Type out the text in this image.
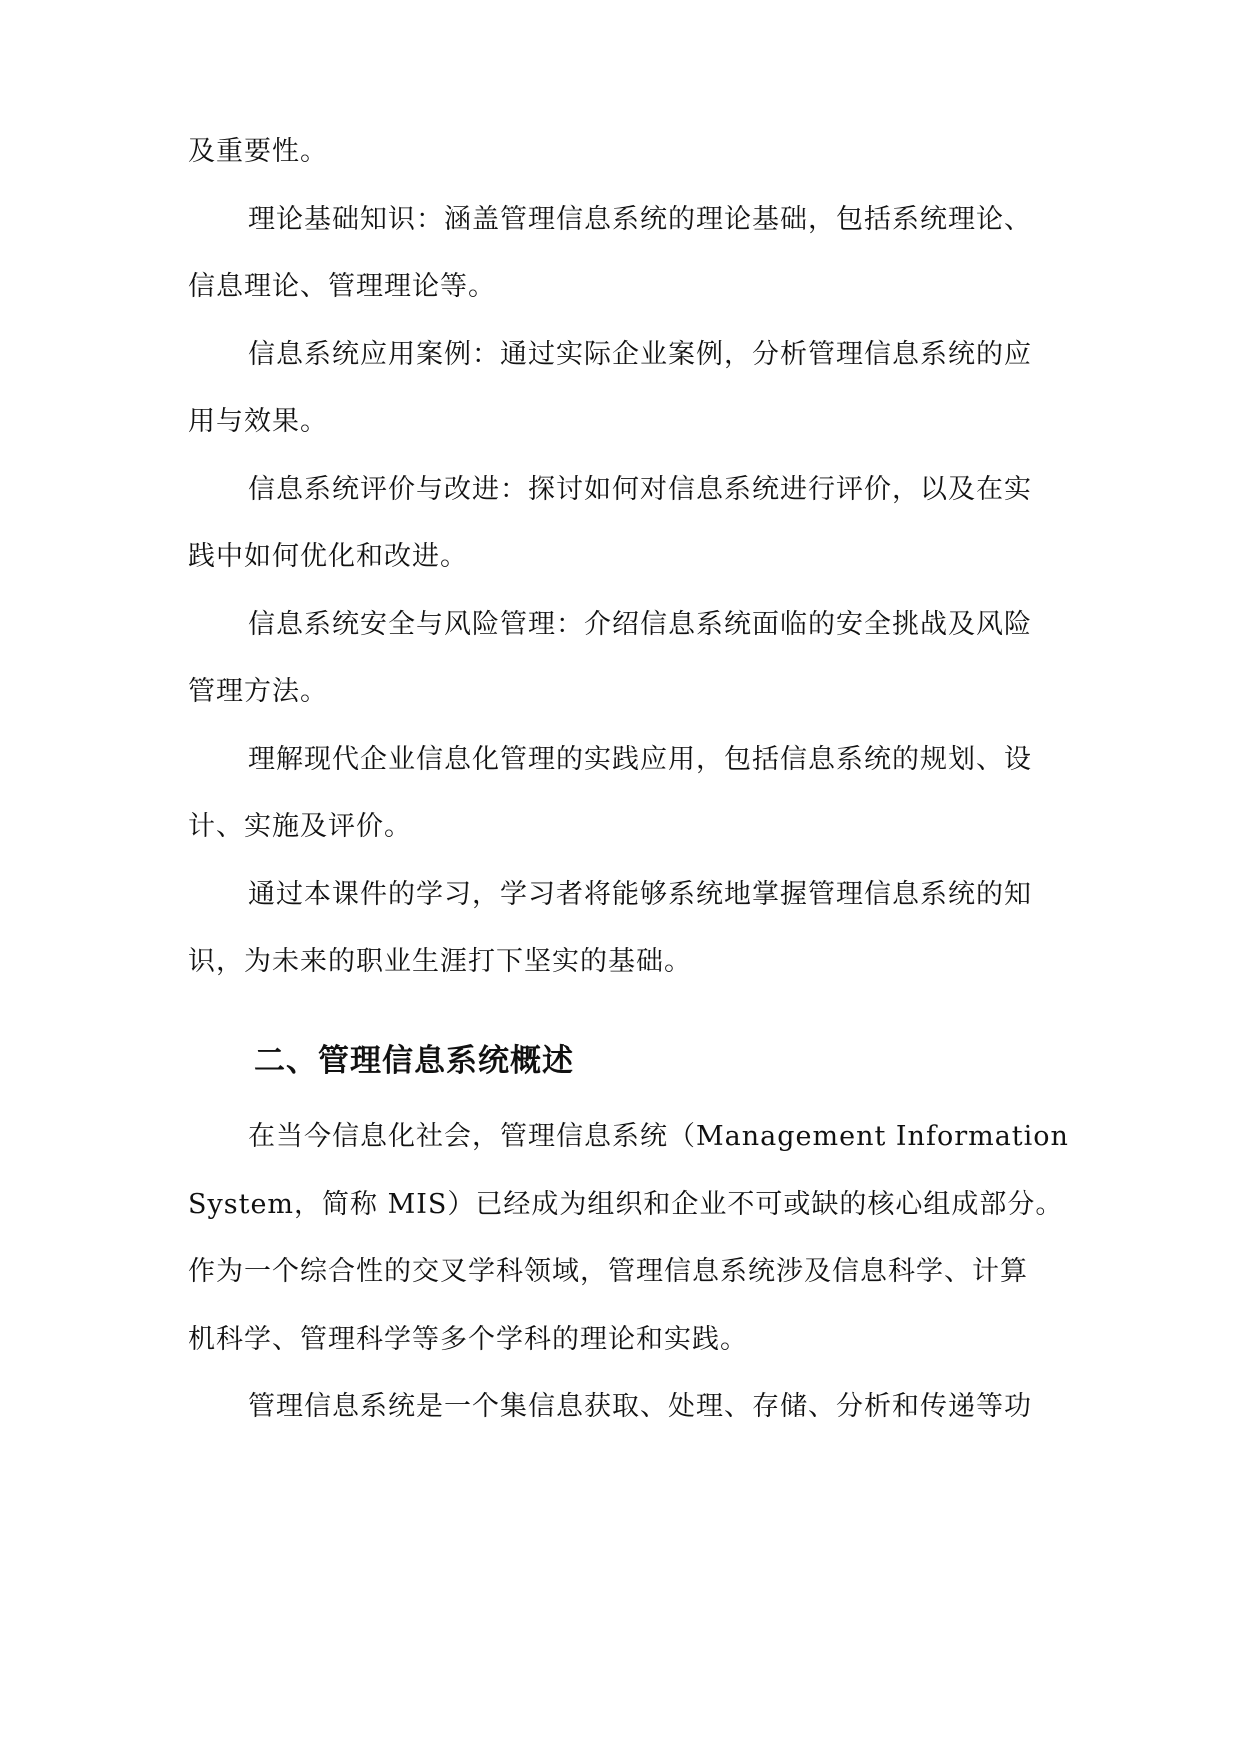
及重要性。
理论基础知识：涵盖管理信息系统的理论基础，包括系统理论、
信息理论、管理理论等。
信息系统应用案例：通过实际企业案例，分析管理信息系统的应
用与效果。
信息系统评价与改进：探讨如何对信息系统进行评价，以及在实
践中如何优化和改进。
信息系统安全与风险管理：介绍信息系统面临的安全挑战及风险
管理方法。
理解现代企业信息化管理的实践应用，包括信息系统的规划、设
计、实施及评价。
通过本课件的学习，学习者将能够系统地掌握管理信息系统的知
识，为未来的职业生涯打下坚实的基础。
二、管理信息系统概述
在当今信息化社会，管理信息系统（Management Information
System，简称 MIS）已经成为组织和企业不可或缺的核心组成部分。
作为一个综合性的交叉学科领域，管理信息系统涉及信息科学、计算
机科学、管理科学等多个学科的理论和实践。
管理信息系统是一个集信息获取、处理、存储、分析和传递等功
